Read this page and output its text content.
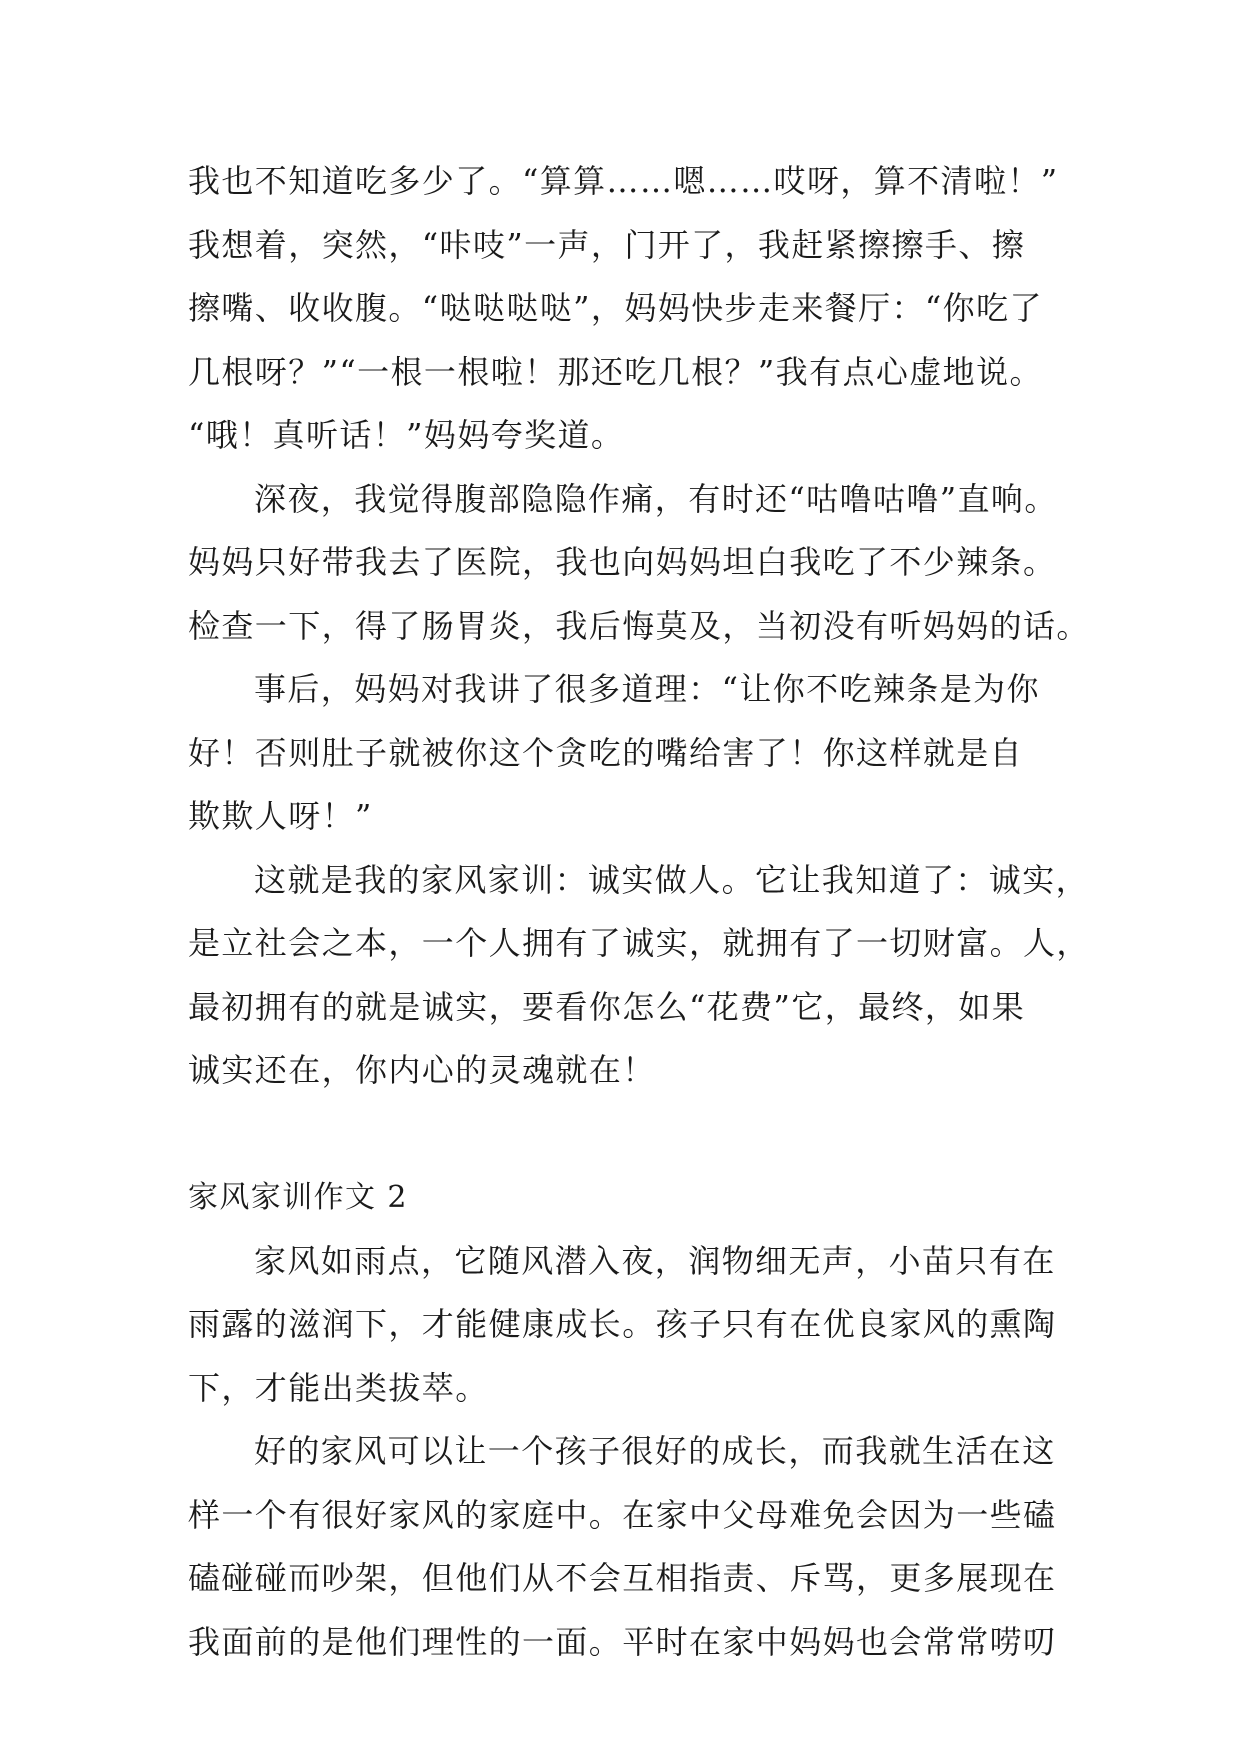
我也不知道吃多少了。“算算……嗯……哎呀，算不清啦！”
我想着，突然，“咔吱”一声，门开了，我赶紧擦擦手、擦
擦嘴、收收腹。“哒哒哒哒”，妈妈快步走来餐厅：“你吃了
几根呀？”“一根一根啦！那还吃几根？”我有点心虚地说。
“哦！真听话！”妈妈夸奖道。
深夜，我觉得腹部隐隐作痛，有时还“咕噜咕噜”直响。
妈妈只好带我去了医院，我也向妈妈坦白我吃了不少辣条。
检查一下，得了肠胃炎，我后悔莫及，当初没有听妈妈的话。
事后，妈妈对我讲了很多道理：“让你不吃辣条是为你
好！否则肚子就被你这个贪吃的嘴给害了！你这样就是自
欺欺人呀！”
这就是我的家风家训：诚实做人。它让我知道了：诚实，
是立社会之本，一个人拥有了诚实，就拥有了一切财富。人，
最初拥有的就是诚实，要看你怎么“花费”它，最终，如果
诚实还在，你内心的灵魂就在！
家风家训作文 2
家风如雨点，它随风潜入夜，润物细无声，小苗只有在
雨露的滋润下，才能健康成长。孩子只有在优良家风的熏陶
下，才能出类拔萃。
好的家风可以让一个孩子很好的成长，而我就生活在这
样一个有很好家风的家庭中。在家中父母难免会因为一些磕
磕碰碰而吵架，但他们从不会互相指责、斥骂，更多展现在
我面前的是他们理性的一面。平时在家中妈妈也会常常唠叨
